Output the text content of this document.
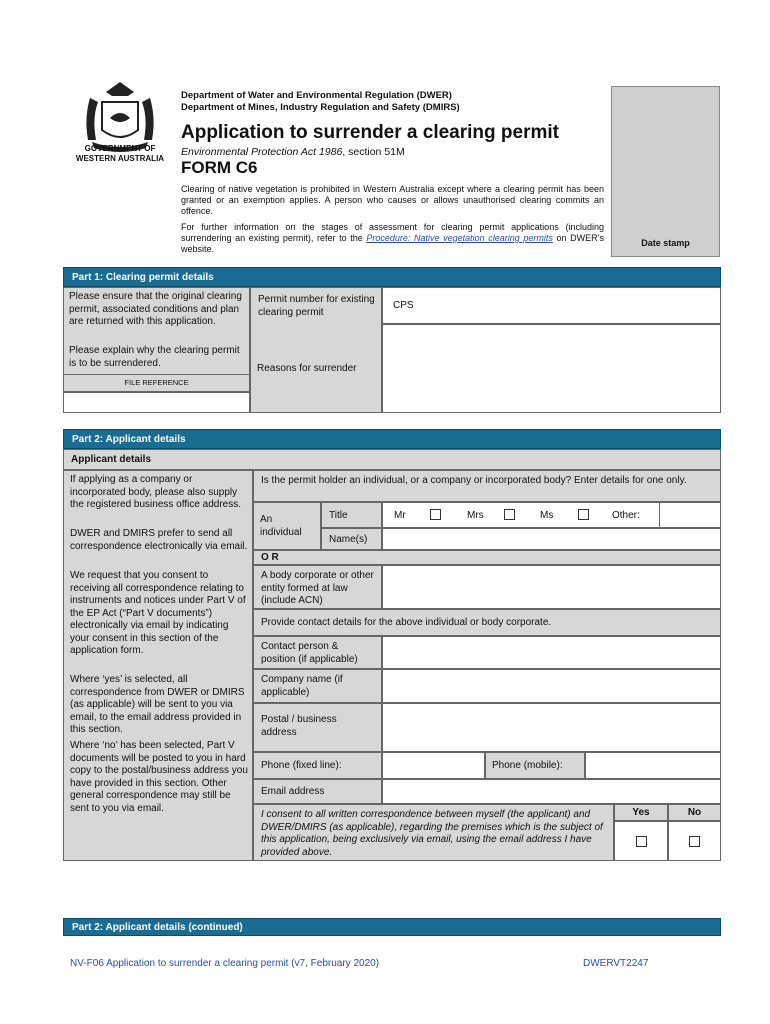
GOVERNMENT OF
WESTERN AUSTRALIA
Department of Water and Environmental Regulation (DWER)
Department of Mines, Industry Regulation and Safety (DMIRS)
Application to surrender a clearing permit
Environmental Protection Act 1986, section 51M
FORM C6
Clearing of native vegetation is prohibited in Western Australia except where a clearing permit has been granted or an exemption applies. A person who causes or allows unauthorised clearing commits an offence.
For further information on the stages of assessment for clearing permit applications (including surrendering an existing permit), refer to the Procedure: Native vegetation clearing permits on DWER’s website.
Date stamp
Part 1: Clearing permit details
Please ensure that the original clearing permit, associated conditions and plan are returned with this application.
Please explain why the clearing permit is to be surrendered.
FILE REFERENCE
Permit number for existing clearing permit
CPS
Reasons for surrender
Part 2: Applicant details
Applicant details
If applying as a company or incorporated body, please also supply the registered business office address.
DWER and DMIRS prefer to send all correspondence electronically via email.
We request that you consent to receiving all correspondence relating to instruments and notices under Part V of the EP Act (“Part V documents”) electronically via email by indicating your consent in this section of the application form.
Where ‘yes’ is selected, all correspondence from DWER or DMIRS (as applicable) will be sent to you via email, to the email address provided in this section.
Where ‘no’ has been selected, Part V documents will be posted to you in hard copy to the postal/business address you have provided in this section. Other general correspondence may still be sent to you via email.
Is the permit holder an individual, or a company or incorporated body? Enter details for one only.
An individual
Title	Mr	Mrs	Ms	Other:
Name(s)
O R
A body corporate or other entity formed at law (include ACN)
Provide contact details for the above individual or body corporate.
Contact person & position (if applicable)
Company name (if applicable)
Postal / business address
Phone (fixed line):	Phone (mobile):
Email address
I consent to all written correspondence between myself (the applicant) and DWER/DMIRS (as applicable), regarding the premises which is the subject of this application, being exclusively via email, using the email address I have provided above.
Yes	No
Part 2: Applicant details (continued)
NV-F06 Application to surrender a clearing permit (v7, February 2020)	DWERVT2247
